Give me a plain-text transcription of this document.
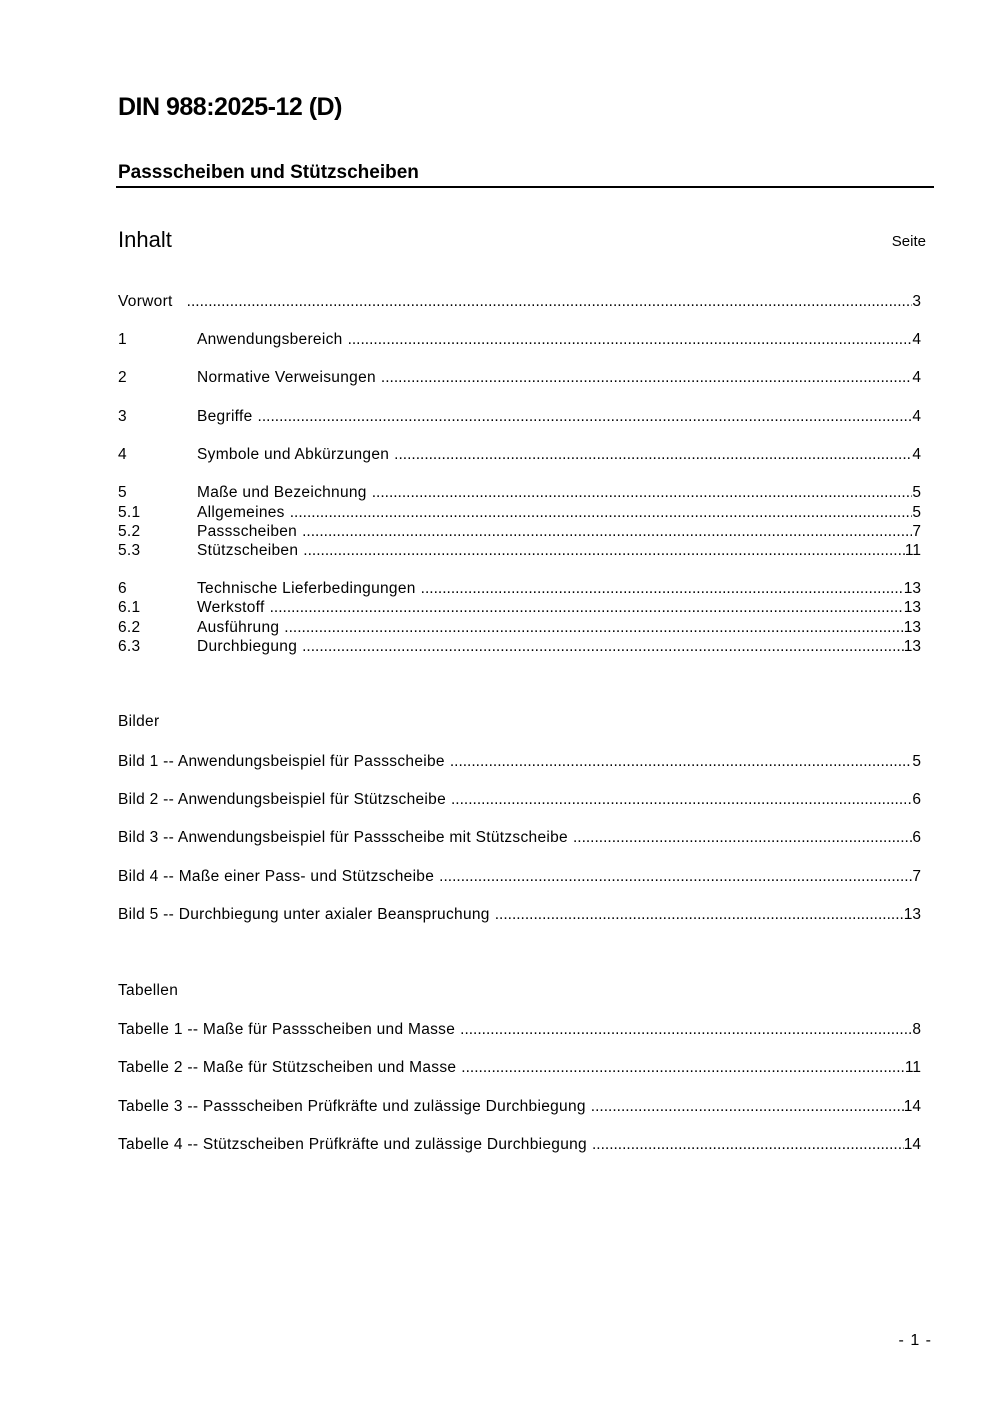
DIN 988:2025-12 (D)
Passscheiben und Stützscheiben
Inhalt	Seite
Vorwort .....	3
1	Anwendungsbereich .....	4
2	Normative Verweisungen .....	4
3	Begriffe .....	4
4	Symbole und Abkürzungen .....	4
5	Maße und Bezeichnung .....	5
5.1	Allgemeines .....	5
5.2	Passscheiben .....	7
5.3	Stützscheiben .....	11
6	Technische Lieferbedingungen .....	13
6.1	Werkstoff .....	13
6.2	Ausführung .....	13
6.3	Durchbiegung .....	13
Bilder
Bild 1 -- Anwendungsbeispiel für Passscheibe .....	5
Bild 2 -- Anwendungsbeispiel für Stützscheibe .....	6
Bild 3 -- Anwendungsbeispiel für Passscheibe mit Stützscheibe .....	6
Bild 4 -- Maße einer Pass- und Stützscheibe .....	7
Bild 5 -- Durchbiegung unter axialer Beanspruchung .....	13
Tabellen
Tabelle 1 -- Maße für Passscheiben und Masse .....	8
Tabelle 2 -- Maße für Stützscheiben und Masse .....	11
Tabelle 3 -- Passscheiben Prüfkräfte und zulässige Durchbiegung .....	14
Tabelle 4 -- Stützscheiben Prüfkräfte und zulässige Durchbiegung .....	14
- 1 -
